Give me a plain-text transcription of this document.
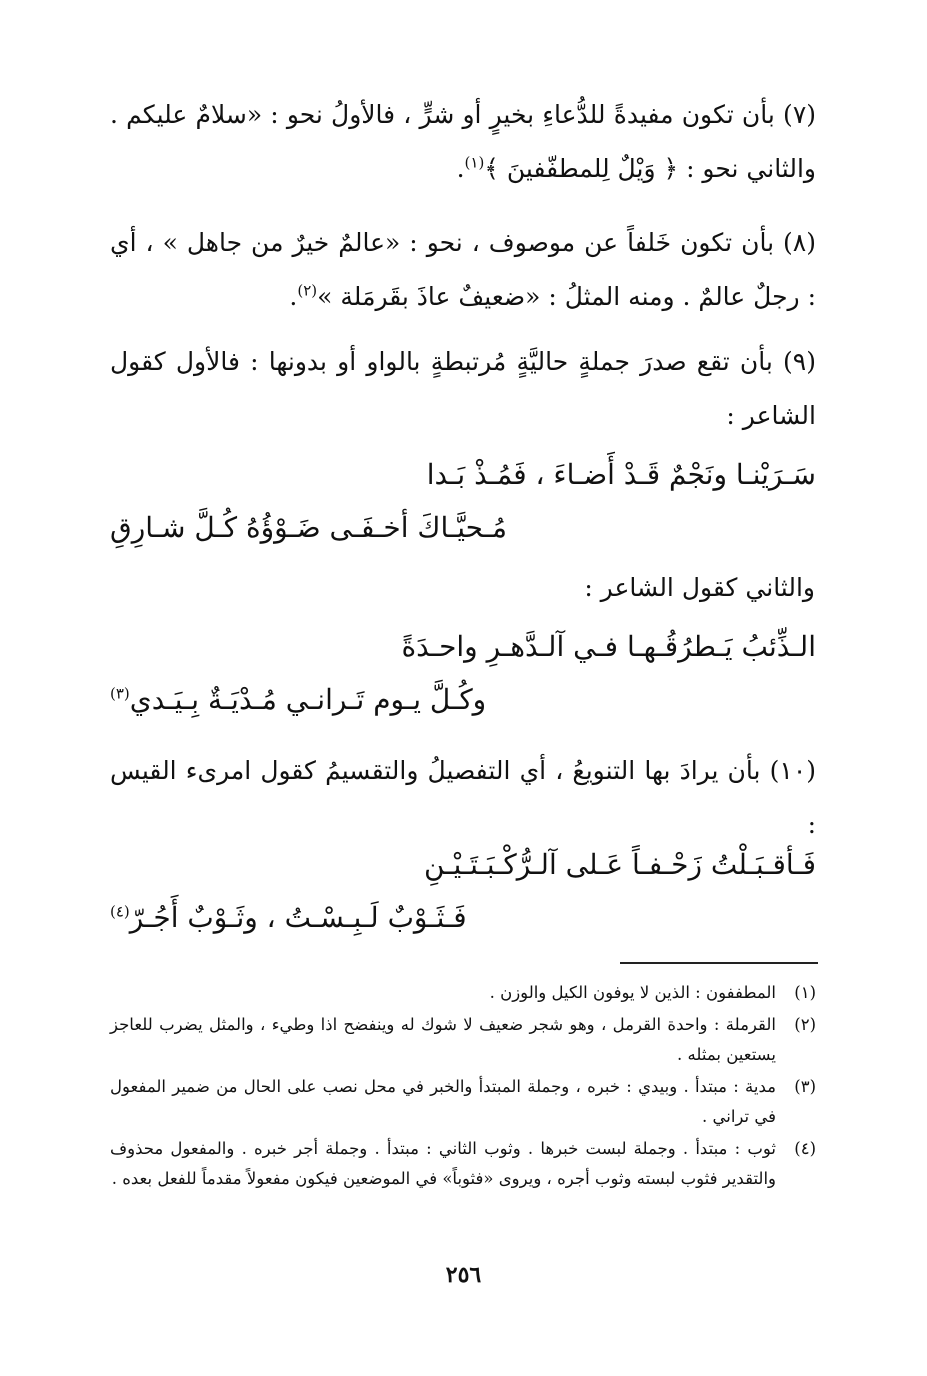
(٧) بأن تكون مفيدةً للدُّعاءِ بخيرٍ أو شرٍّ ، فالأولُ نحو : «سلامٌ عليكم . والثاني نحو : ﴿ وَيْلٌ لِلمطفّفينَ ﴾$^{(١)}$.
(٨) بأن تكون خَلفاً عن موصوف ، نحو : «عالمٌ خيرٌ من جاهل » ، أي : رجلٌ عالمٌ . ومنه المثلُ : «ضعيفٌ عاذَ بقَرمَلة »$^{(٢)}$.
(٩) بأن تقع صدرَ جملةٍ حاليَّةٍ مُرتبطةٍ بالواو أو بدونها : فالأول كقول الشاعر :
سَـرَيْنـا ونَجْمٌ قَـدْ أَضـاءَ ، فَمُـذْ بَـدا
مُـحيَّـاكَ أخـفَـى ضَـوْؤُهُ كُـلَّ شـارِقِ
والثاني كقول الشاعر :
الـذِّئبُ يَـطرُقُـهـا فـي آلـدَّهـرِ واحـدَةً
وكُـلَّ يـوم تَـرانـي مُـدْيَـةٌ بِـيَـدي$^{(٣)}$
(١٠) بأن يرادَ بها التنويعُ ، أي التفصيلُ والتقسيمُ كقول امرىء القيس :
فَـأقـبَـلْتُ زَحْـفـاً عَـلى آلـرُّكْـبَـتَـيْـنِ
فَـثَـوْبٌ لَـبِـسْـتُ ، وثَـوْبٌ أَجُـرّ$^{(٤)}$

(١)المطففون : الذين لا يوفون الكيل والوزن .

(٢)القرملة : واحدة القرمل ، وهو شجر ضعيف لا شوك له وينفضح اذا وطيء ، والمثل يضرب للعاجز يستعين بمثله .

(٣)مدية : مبتدأ . وبيدي : خبره ، وجملة المبتدأ والخبر في محل نصب على الحال من ضمير المفعول في تراني .

(٤)ثوب : مبتدأ . وجملة لبست خبرها . وثوب الثاني : مبتدأ . وجملة أجر خبره . والمفعول محذوف والتقدير فثوب لبسته وثوب أجره ، ويروى «فثوباً» في الموضعين فيكون مفعولاً مقدماً للفعل بعده .

٢٥٦
